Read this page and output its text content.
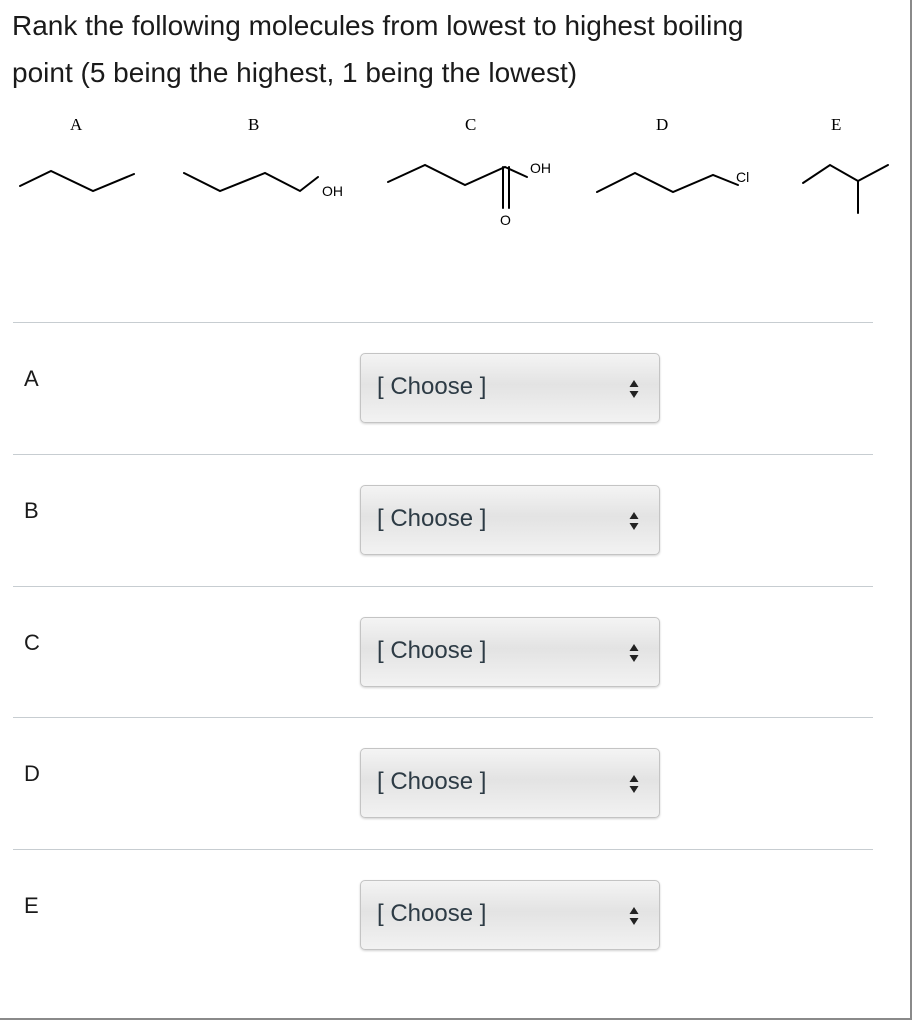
Rank the following molecules from lowest to highest boiling
point (5 being the highest, 1 being the lowest)
A	B
OH
C
OH
O
D
Cl
E
A	[ Choose ]
B	[ Choose ]
C	[ Choose ]
D	[ Choose ]
E	[ Choose ]
